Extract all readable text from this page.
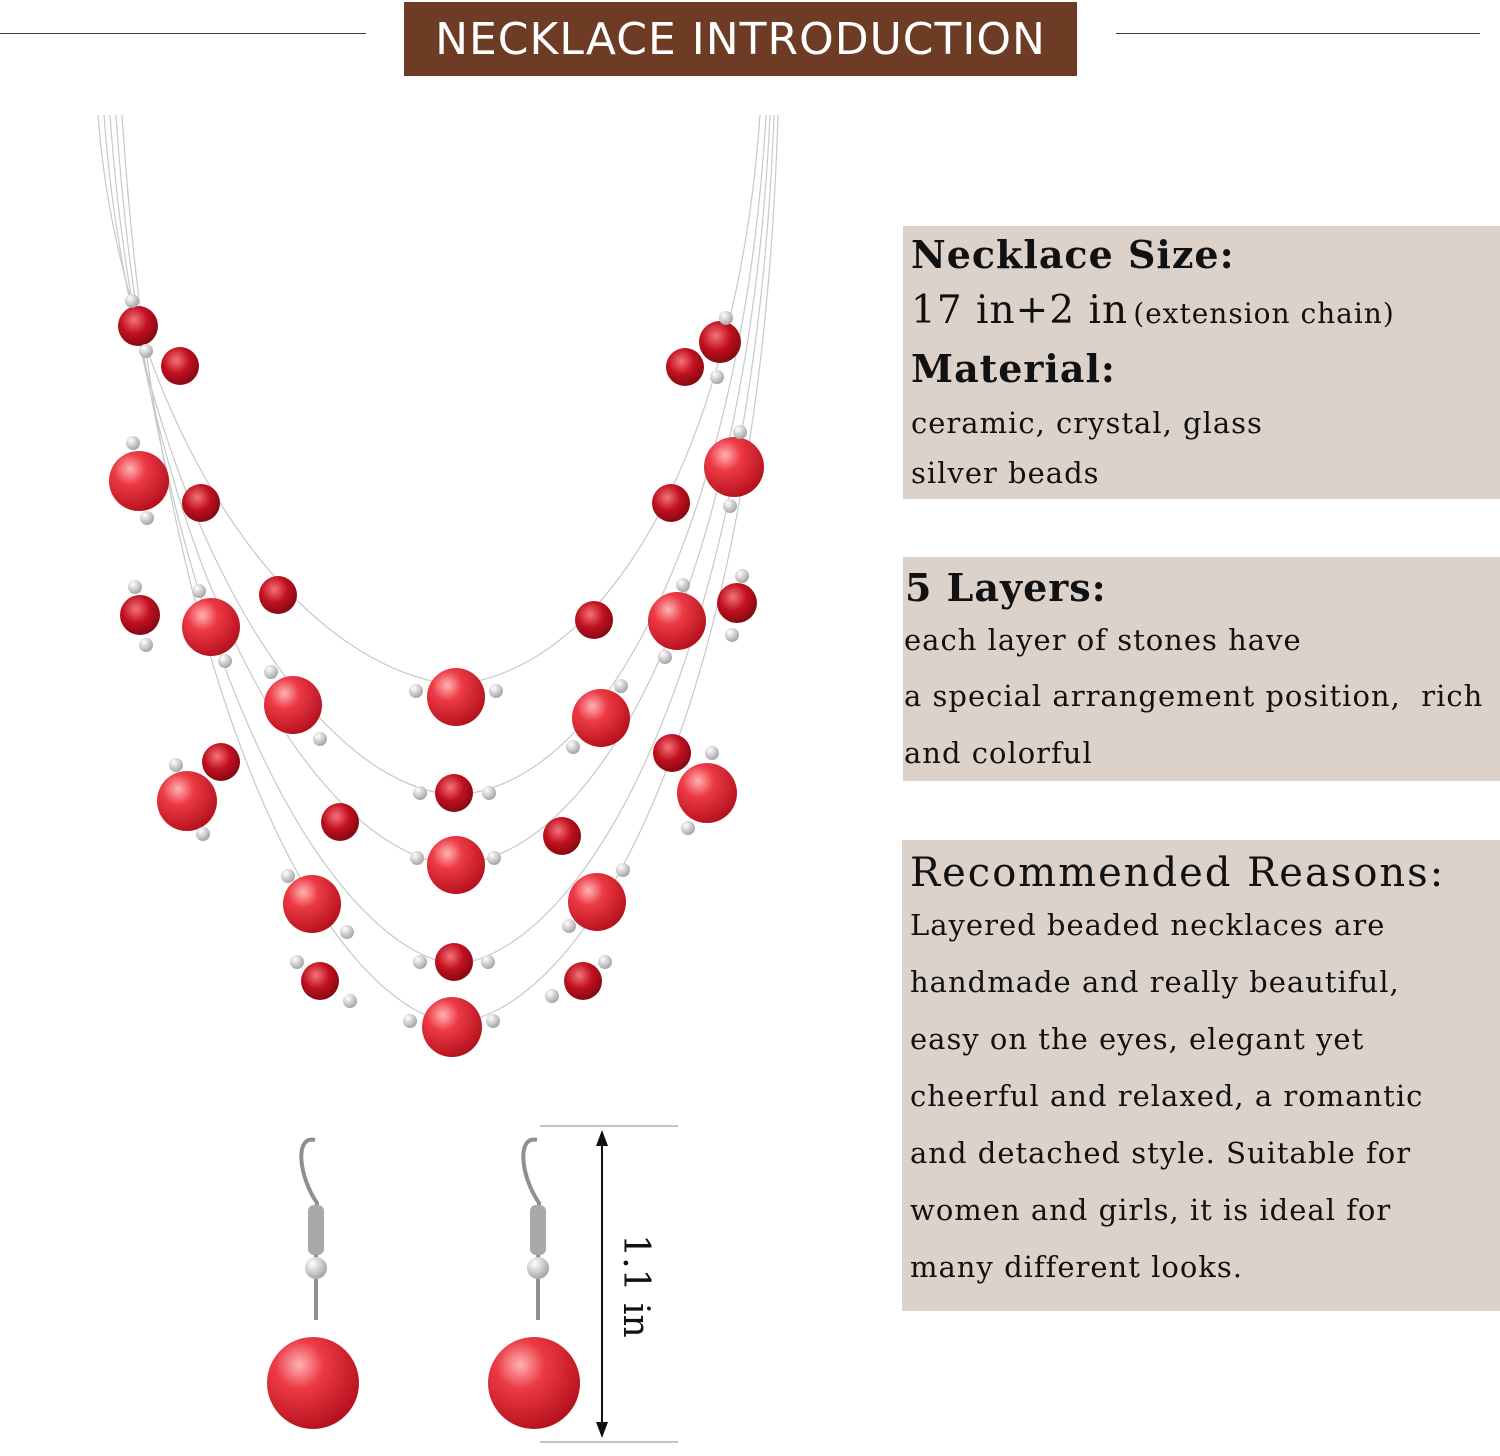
NECKLACE INTRODUCTION
1.1 in
Necklace Size:
17 in+2 in (extension chain)
Material:
ceramic, crystal, glass
silver beads
5 Layers:
each layer of stones have
a special arrangement position,  rich
and colorful
Recommended Reasons:
Layered beaded necklaces are
handmade and really beautiful,
easy on the eyes, elegant yet
cheerful and relaxed, a romantic
and detached style. Suitable for
women and girls, it is ideal for
many different looks.
